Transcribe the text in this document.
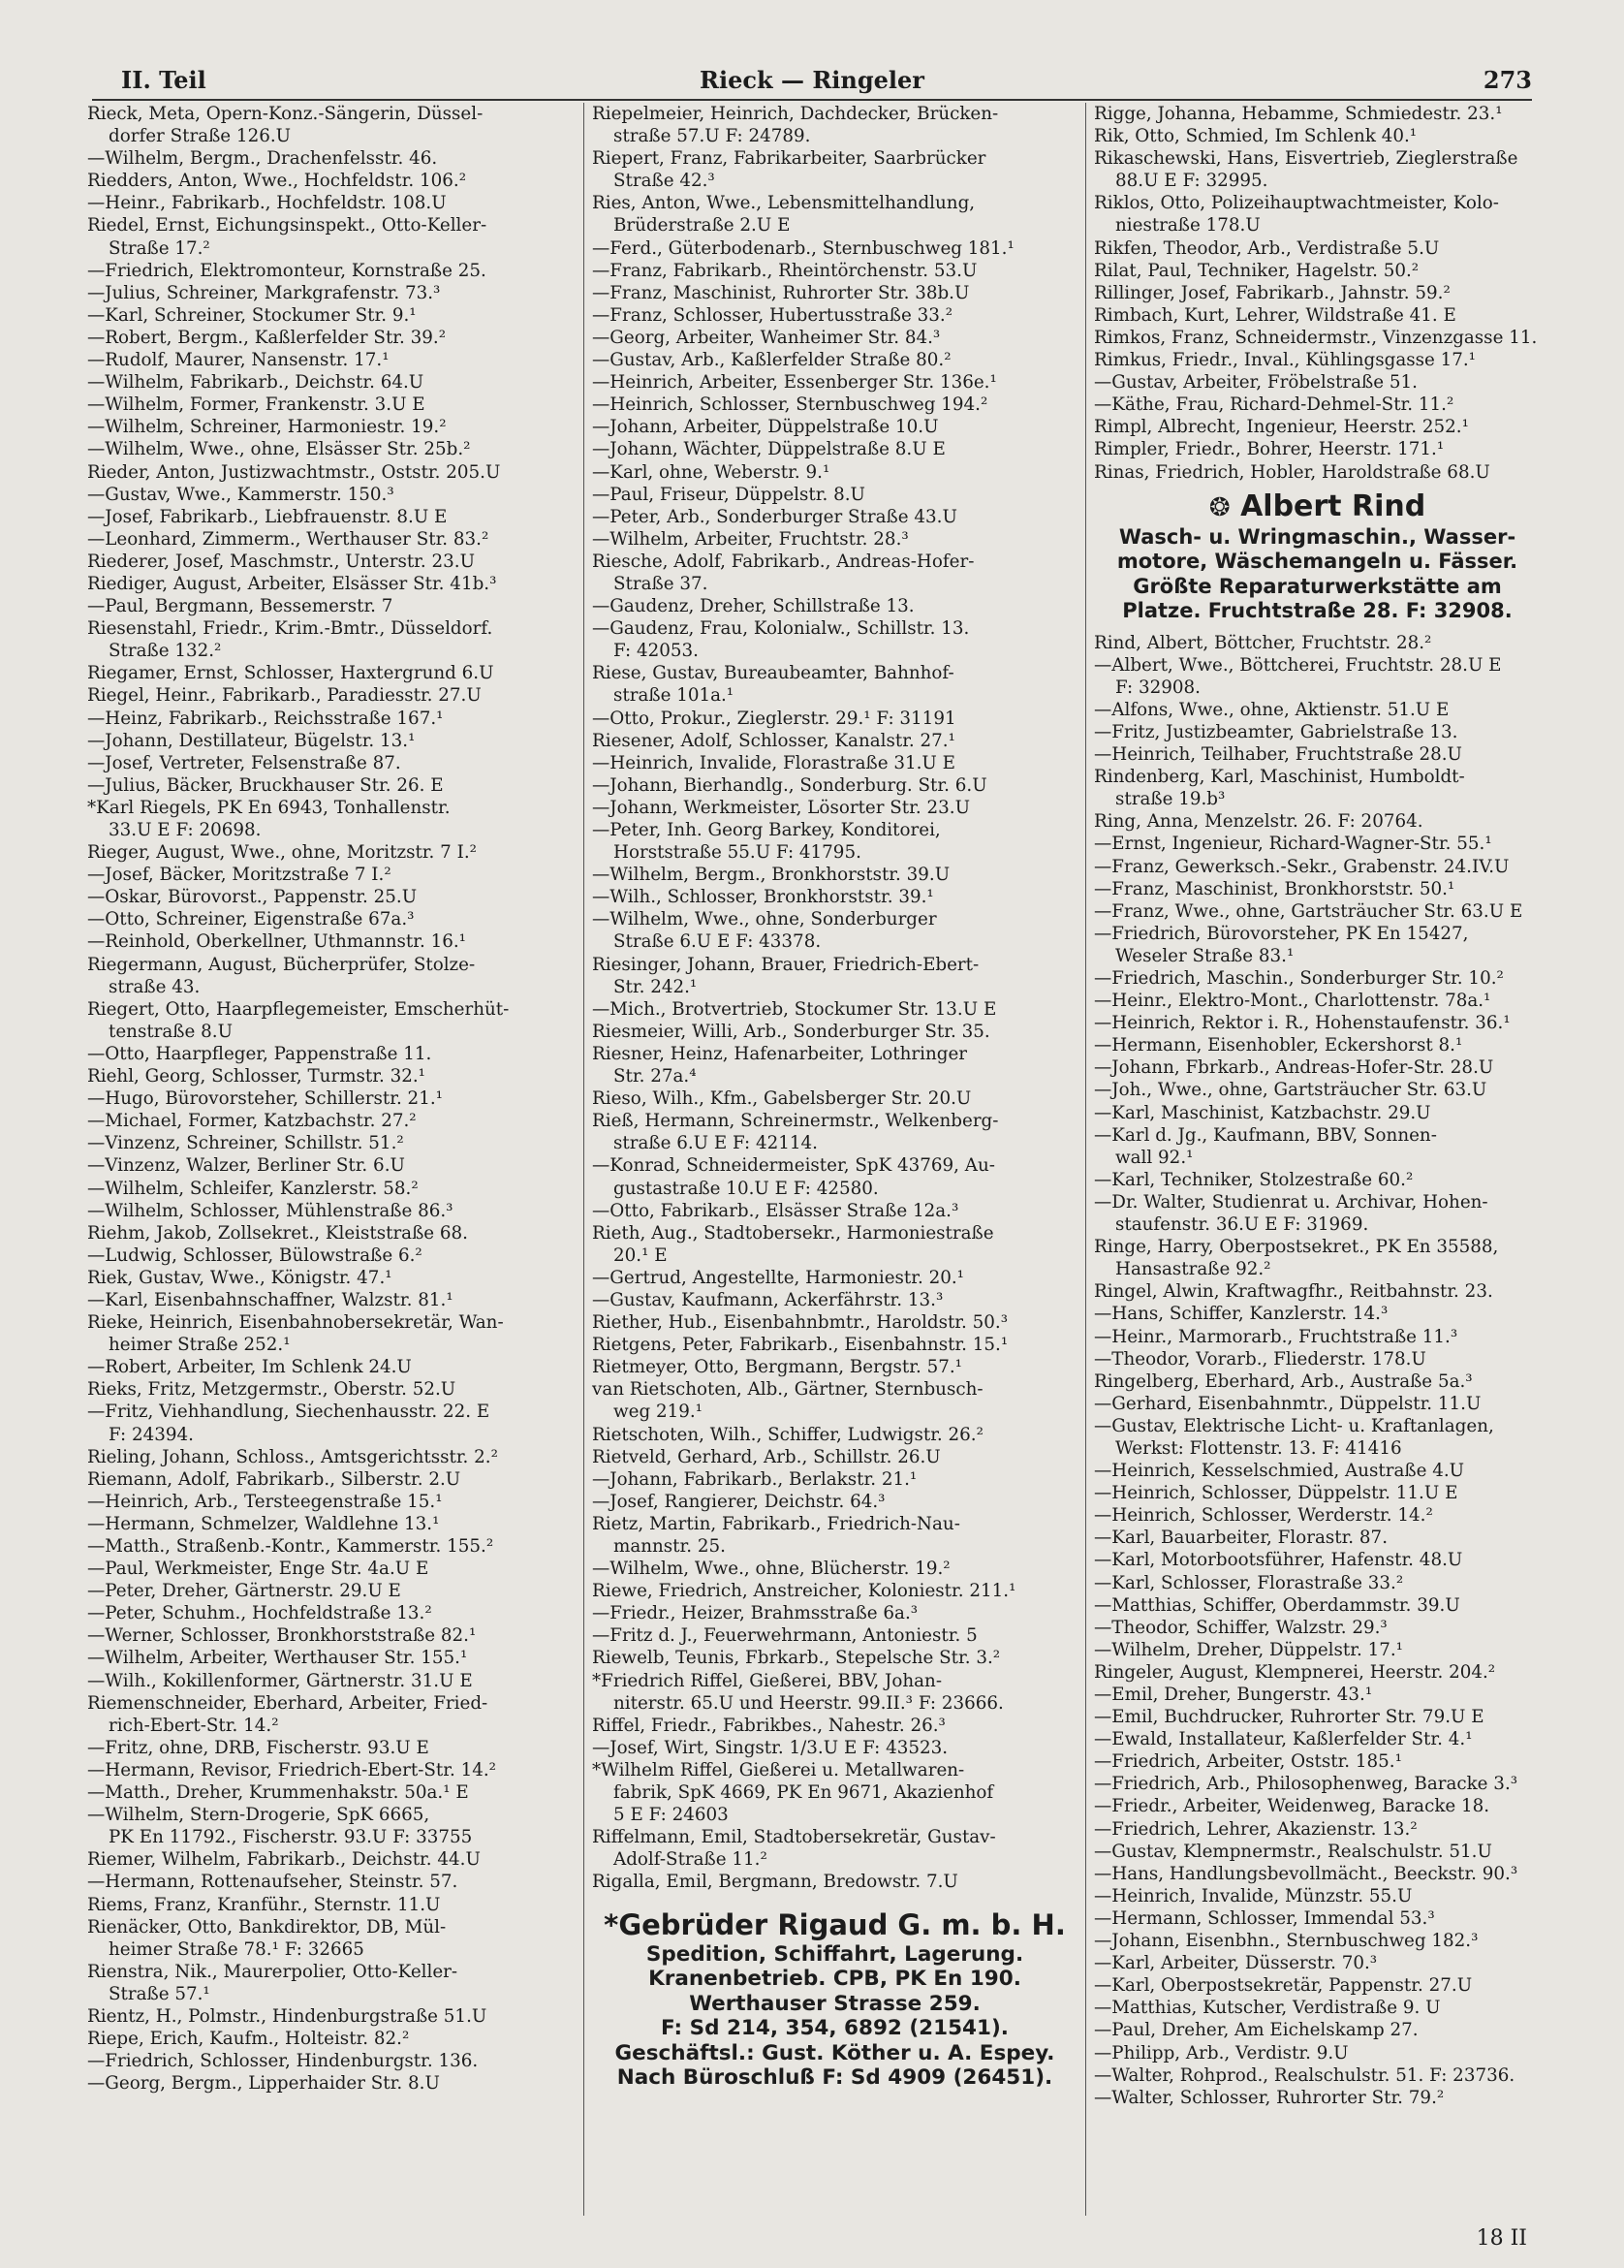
II. Teil	Rieck — Ringeler	273

Rieck, Meta, Opern-Konz.-Sängerin, Düssel-
dorfer Straße 126.U

—Wilhelm, Bergm., Drachenfelsstr. 46.

Riedders, Anton, Wwe., Hochfeldstr. 106.²

—Heinr., Fabrikarb., Hochfeldstr. 108.U

Riedel, Ernst, Eichungsinspekt., Otto-Keller-
Straße 17.²

—Friedrich, Elektromonteur, Kornstraße 25.

—Julius, Schreiner, Markgrafenstr. 73.³

—Karl, Schreiner, Stockumer Str. 9.¹

—Robert, Bergm., Kaßlerfelder Str. 39.²

—Rudolf, Maurer, Nansenstr. 17.¹

—Wilhelm, Fabrikarb., Deichstr. 64.U

—Wilhelm, Former, Frankenstr. 3.U E

—Wilhelm, Schreiner, Harmoniestr. 19.²

—Wilhelm, Wwe., ohne, Elsässer Str. 25b.²

Rieder, Anton, Justizwachtmstr., Oststr. 205.U

—Gustav, Wwe., Kammerstr. 150.³

—Josef, Fabrikarb., Liebfrauenstr. 8.U E

—Leonhard, Zimmerm., Werthauser Str. 83.²

Riederer, Josef, Maschmstr., Unterstr. 23.U

Riediger, August, Arbeiter, Elsässer Str. 41b.³

—Paul, Bergmann, Bessemerstr. 7

Riesenstahl, Friedr., Krim.-Bmtr., Düsseldorf.
Straße 132.²

Riegamer, Ernst, Schlosser, Haxtergrund 6.U

Riegel, Heinr., Fabrikarb., Paradiesstr. 27.U

—Heinz, Fabrikarb., Reichsstraße 167.¹

—Johann, Destillateur, Bügelstr. 13.¹

—Josef, Vertreter, Felsenstraße 87.

—Julius, Bäcker, Bruckhauser Str. 26. E

*Karl Riegels, PK En 6943, Tonhallenstr.
33.U E F: 20698.

Rieger, August, Wwe., ohne, Moritzstr. 7 I.²

—Josef, Bäcker, Moritzstraße 7 I.²

—Oskar, Bürovorst., Pappenstr. 25.U

—Otto, Schreiner, Eigenstraße 67a.³

—Reinhold, Oberkellner, Uthmannstr. 16.¹

Riegermann, August, Bücherprüfer, Stolze-
straße 43.

Riegert, Otto, Haarpflegemeister, Emscherhüt-
tenstraße 8.U

—Otto, Haarpfleger, Pappenstraße 11.

Riehl, Georg, Schlosser, Turmstr. 32.¹

—Hugo, Bürovorsteher, Schillerstr. 21.¹

—Michael, Former, Katzbachstr. 27.²

—Vinzenz, Schreiner, Schillstr. 51.²

—Vinzenz, Walzer, Berliner Str. 6.U

—Wilhelm, Schleifer, Kanzlerstr. 58.²

—Wilhelm, Schlosser, Mühlenstraße 86.³

Riehm, Jakob, Zollsekret., Kleiststraße 68.

—Ludwig, Schlosser, Bülowstraße 6.²

Riek, Gustav, Wwe., Königstr. 47.¹

—Karl, Eisenbahnschaffner, Walzstr. 81.¹

Rieke, Heinrich, Eisenbahnobersekretär, Wan-
heimer Straße 252.¹

—Robert, Arbeiter, Im Schlenk 24.U

Rieks, Fritz, Metzgermstr., Oberstr. 52.U

—Fritz, Viehhandlung, Siechenhausstr. 22. E
F: 24394.

Rieling, Johann, Schloss., Amtsgerichtsstr. 2.²

Riemann, Adolf, Fabrikarb., Silberstr. 2.U

—Heinrich, Arb., Tersteegenstraße 15.¹

—Hermann, Schmelzer, Waldlehne 13.¹

—Matth., Straßenb.-Kontr., Kammerstr. 155.²

—Paul, Werkmeister, Enge Str. 4a.U E

—Peter, Dreher, Gärtnerstr. 29.U E

—Peter, Schuhm., Hochfeldstraße 13.²

—Werner, Schlosser, Bronkhorststraße 82.¹

—Wilhelm, Arbeiter, Werthauser Str. 155.¹

—Wilh., Kokillenformer, Gärtnerstr. 31.U E

Riemenschneider, Eberhard, Arbeiter, Fried-
rich-Ebert-Str. 14.²

—Fritz, ohne, DRB, Fischerstr. 93.U E

—Hermann, Revisor, Friedrich-Ebert-Str. 14.²

—Matth., Dreher, Krummenhakstr. 50a.¹ E

—Wilhelm, Stern-Drogerie, SpK 6665,
PK En 11792., Fischerstr. 93.U F: 33755

Riemer, Wilhelm, Fabrikarb., Deichstr. 44.U

—Hermann, Rottenaufseher, Steinstr. 57.

Riems, Franz, Kranführ., Sternstr. 11.U

Rienäcker, Otto, Bankdirektor, DB, Mül-
heimer Straße 78.¹ F: 32665

Rienstra, Nik., Maurerpolier, Otto-Keller-
Straße 57.¹

Rientz, H., Polmstr., Hindenburgstraße 51.U

Riepe, Erich, Kaufm., Holteistr. 82.²

—Friedrich, Schlosser, Hindenburgstr. 136.

—Georg, Bergm., Lipperhaider Str. 8.U

Riepelmeier, Heinrich, Dachdecker, Brücken-
straße 57.U F: 24789.

Riepert, Franz, Fabrikarbeiter, Saarbrücker
Straße 42.³

Ries, Anton, Wwe., Lebensmittelhandlung,
Brüderstraße 2.U E

—Ferd., Güterbodenarb., Sternbuschweg 181.¹

—Franz, Fabrikarb., Rheintörchenstr. 53.U

—Franz, Maschinist, Ruhrorter Str. 38b.U

—Franz, Schlosser, Hubertusstraße 33.²

—Georg, Arbeiter, Wanheimer Str. 84.³

—Gustav, Arb., Kaßlerfelder Straße 80.²

—Heinrich, Arbeiter, Essenberger Str. 136e.¹

—Heinrich, Schlosser, Sternbuschweg 194.²

—Johann, Arbeiter, Düppelstraße 10.U

—Johann, Wächter, Düppelstraße 8.U E

—Karl, ohne, Weberstr. 9.¹

—Paul, Friseur, Düppelstr. 8.U

—Peter, Arb., Sonderburger Straße 43.U

—Wilhelm, Arbeiter, Fruchtstr. 28.³

Riesche, Adolf, Fabrikarb., Andreas-Hofer-
Straße 37.

—Gaudenz, Dreher, Schillstraße 13.

—Gaudenz, Frau, Kolonialw., Schillstr. 13.
F: 42053.

Riese, Gustav, Bureaubeamter, Bahnhof-
straße 101a.¹

—Otto, Prokur., Zieglerstr. 29.¹ F: 31191

Riesener, Adolf, Schlosser, Kanalstr. 27.¹

—Heinrich, Invalide, Florastraße 31.U E

—Johann, Bierhandlg., Sonderburg. Str. 6.U

—Johann, Werkmeister, Lösorter Str. 23.U

—Peter, Inh. Georg Barkey, Konditorei,
Horststraße 55.U F: 41795.

—Wilhelm, Bergm., Bronkhorststr. 39.U

—Wilh., Schlosser, Bronkhorststr. 39.¹

—Wilhelm, Wwe., ohne, Sonderburger
Straße 6.U E F: 43378.

Riesinger, Johann, Brauer, Friedrich-Ebert-
Str. 242.¹

—Mich., Brotvertrieb, Stockumer Str. 13.U E

Riesmeier, Willi, Arb., Sonderburger Str. 35.

Riesner, Heinz, Hafenarbeiter, Lothringer
Str. 27a.⁴

Rieso, Wilh., Kfm., Gabelsberger Str. 20.U

Rieß, Hermann, Schreinermstr., Welkenberg-
straße 6.U E F: 42114.

—Konrad, Schneidermeister, SpK 43769, Au-
gustastraße 10.U E F: 42580.

—Otto, Fabrikarb., Elsässer Straße 12a.³

Rieth, Aug., Stadtobersekr., Harmoniestraße
20.¹ E

—Gertrud, Angestellte, Harmoniestr. 20.¹

—Gustav, Kaufmann, Ackerfährstr. 13.³

Riether, Hub., Eisenbahnbmtr., Haroldstr. 50.³

Rietgens, Peter, Fabrikarb., Eisenbahnstr. 15.¹

Rietmeyer, Otto, Bergmann, Bergstr. 57.¹

van Rietschoten, Alb., Gärtner, Sternbusch-
weg 219.¹

Rietschoten, Wilh., Schiffer, Ludwigstr. 26.²

Rietveld, Gerhard, Arb., Schillstr. 26.U

—Johann, Fabrikarb., Berlakstr. 21.¹

—Josef, Rangierer, Deichstr. 64.³

Rietz, Martin, Fabrikarb., Friedrich-Nau-
mannstr. 25.

—Wilhelm, Wwe., ohne, Blücherstr. 19.²

Riewe, Friedrich, Anstreicher, Koloniestr. 211.¹

—Friedr., Heizer, Brahmsstraße 6a.³

—Fritz d. J., Feuerwehrmann, Antoniestr. 5

Riewelb, Teunis, Fbrkarb., Stepelsche Str. 3.²

*Friedrich Riffel, Gießerei, BBV, Johan-
niterstr. 65.U und Heerstr. 99.II.³ F: 23666.

Riffel, Friedr., Fabrikbes., Nahestr. 26.³

—Josef, Wirt, Singstr. 1/3.U E F: 43523.

*Wilhelm Riffel, Gießerei u. Metallwaren-
fabrik, SpK 4669, PK En 9671, Akazienhof
5 E F: 24603

Riffelmann, Emil, Stadtobersekretär, Gustav-
Adolf-Straße 11.²

Rigalla, Emil, Bergmann, Bredowstr. 7.U

*Gebrüder Rigaud G. m. b. H.
Spedition, Schiffahrt, Lagerung.
Kranenbetrieb. CPB, PK En 190.
Werthauser Strasse 259.
F: Sd 214, 354, 6892 (21541).
Geschäftsl.: Gust. Köther u. A. Espey.
Nach Büroschluß F: Sd 4909 (26451).

Rigge, Johanna, Hebamme, Schmiedestr. 23.¹

Rik, Otto, Schmied, Im Schlenk 40.¹

Rikaschewski, Hans, Eisvertrieb, Zieglerstraße
88.U E F: 32995.

Riklos, Otto, Polizeihauptwachtmeister, Kolo-
niestraße 178.U

Rikfen, Theodor, Arb., Verdistraße 5.U

Rilat, Paul, Techniker, Hagelstr. 50.²

Rillinger, Josef, Fabrikarb., Jahnstr. 59.²

Rimbach, Kurt, Lehrer, Wildstraße 41. E

Rimkos, Franz, Schneidermstr., Vinzenzgasse 11.

Rimkus, Friedr., Inval., Kühlingsgasse 17.¹

—Gustav, Arbeiter, Fröbelstraße 51.

—Käthe, Frau, Richard-Dehmel-Str. 11.²

Rimpl, Albrecht, Ingenieur, Heerstr. 252.¹

Rimpler, Friedr., Bohrer, Heerstr. 171.¹

Rinas, Friedrich, Hobler, Haroldstraße 68.U

❂ Albert Rind
Wasch- u. Wringmaschin., Wasser-
motore, Wäschemangeln u. Fässer.
Größte Reparaturwerkstätte am
Platze. Fruchtstraße 28. F: 32908.

Rind, Albert, Böttcher, Fruchtstr. 28.²

—Albert, Wwe., Böttcherei, Fruchtstr. 28.U E
F: 32908.

—Alfons, Wwe., ohne, Aktienstr. 51.U E

—Fritz, Justizbeamter, Gabrielstraße 13.

—Heinrich, Teilhaber, Fruchtstraße 28.U

Rindenberg, Karl, Maschinist, Humboldt-
straße 19.b³

Ring, Anna, Menzelstr. 26. F: 20764.

—Ernst, Ingenieur, Richard-Wagner-Str. 55.¹

—Franz, Gewerksch.-Sekr., Grabenstr. 24.IV.U

—Franz, Maschinist, Bronkhorststr. 50.¹

—Franz, Wwe., ohne, Gartsträucher Str. 63.U E

—Friedrich, Bürovorsteher, PK En 15427,
Weseler Straße 83.¹

—Friedrich, Maschin., Sonderburger Str. 10.²

—Heinr., Elektro-Mont., Charlottenstr. 78a.¹

—Heinrich, Rektor i. R., Hohenstaufenstr. 36.¹

—Hermann, Eisenhobler, Eckershorst 8.¹

—Johann, Fbrkarb., Andreas-Hofer-Str. 28.U

—Joh., Wwe., ohne, Gartsträucher Str. 63.U

—Karl, Maschinist, Katzbachstr. 29.U

—Karl d. Jg., Kaufmann, BBV, Sonnen-
wall 92.¹

—Karl, Techniker, Stolzestraße 60.²

—Dr. Walter, Studienrat u. Archivar, Hohen-
staufenstr. 36.U E F: 31969.

Ringe, Harry, Oberpostsekret., PK En 35588,
Hansastraße 92.²

Ringel, Alwin, Kraftwagfhr., Reitbahnstr. 23.

—Hans, Schiffer, Kanzlerstr. 14.³

—Heinr., Marmorarb., Fruchtstraße 11.³

—Theodor, Vorarb., Fliederstr. 178.U

Ringelberg, Eberhard, Arb., Austraße 5a.³

—Gerhard, Eisenbahnmtr., Düppelstr. 11.U

—Gustav, Elektrische Licht- u. Kraftanlagen,
Werkst: Flottenstr. 13. F: 41416

—Heinrich, Kesselschmied, Austraße 4.U

—Heinrich, Schlosser, Düppelstr. 11.U E

—Heinrich, Schlosser, Werderstr. 14.²

—Karl, Bauarbeiter, Florastr. 87.

—Karl, Motorbootsführer, Hafenstr. 48.U

—Karl, Schlosser, Florastraße 33.²

—Matthias, Schiffer, Oberdammstr. 39.U

—Theodor, Schiffer, Walzstr. 29.³

—Wilhelm, Dreher, Düppelstr. 17.¹

Ringeler, August, Klempnerei, Heerstr. 204.²

—Emil, Dreher, Bungerstr. 43.¹

—Emil, Buchdrucker, Ruhrorter Str. 79.U E

—Ewald, Installateur, Kaßlerfelder Str. 4.¹

—Friedrich, Arbeiter, Oststr. 185.¹

—Friedrich, Arb., Philosophenweg, Baracke 3.³

—Friedr., Arbeiter, Weidenweg, Baracke 18.

—Friedrich, Lehrer, Akazienstr. 13.²

—Gustav, Klempnermstr., Realschulstr. 51.U

—Hans, Handlungsbevollmächt., Beeckstr. 90.³

—Heinrich, Invalide, Münzstr. 55.U

—Hermann, Schlosser, Immendal 53.³

—Johann, Eisenbhn., Sternbuschweg 182.³

—Karl, Arbeiter, Düsserstr. 70.³

—Karl, Oberpostsekretär, Pappenstr. 27.U

—Matthias, Kutscher, Verdistraße 9. U

—Paul, Dreher, Am Eichelskamp 27.

—Philipp, Arb., Verdistr. 9.U

—Walter, Rohprod., Realschulstr. 51. F: 23736.

—Walter, Schlosser, Ruhrorter Str. 79.²

18 II
